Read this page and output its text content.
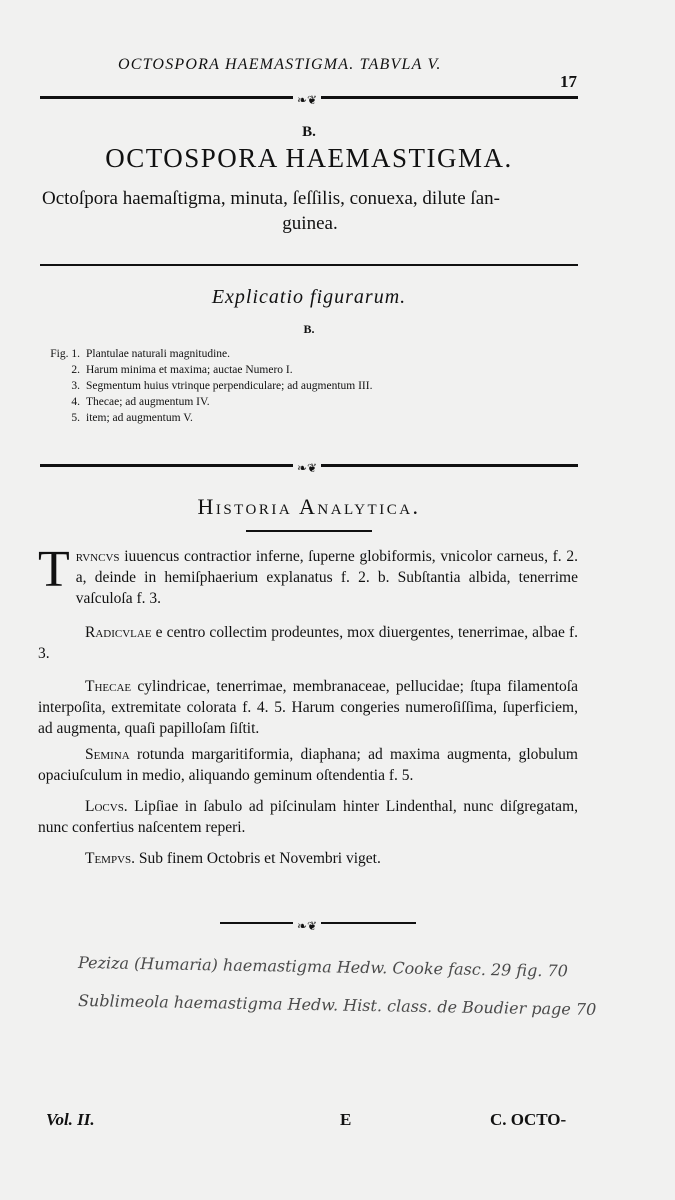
OCTOSPORA HAEMASTIGMA. TABVLA V.
17
❧❦
B.
OCTOSPORA HAEMASTIGMA.
Octoſpora haemaſtigma, minuta, ſeſſilis, conuexa, dilute ſan-
guinea.
Explicatio figurarum.
B.
Fig. 1. Plantulae naturali magnitudine.
2. Harum minima et maxima; auctae Numero I.
3. Segmentum huius vtrinque perpendiculare; ad augmentum III.
4. Thecae; ad augmentum IV.
5. item; ad augmentum V.
❧❦
Historia Analytica.

T rvncvs iuuencus contractior inferne, ſuperne globiformis, vnicolor carneus, f. 2. a, deinde in hemiſphaerium explanatus f. 2. b. Subſtantia albida, tenerrime vaſculoſa f. 3.

Radicvlae e centro collectim prodeuntes, mox diuergentes, tenerrimae, albae f. 3.

Thecae cylindricae, tenerrimae, membranaceae, pellucidae; ſtupa filamentoſa interpoſita, extremitate colorata f. 4. 5. Harum congeries numeroſiſſima, ſuperficiem, ad augmenta, quaſi papilloſam ſiſtit.

Semina rotunda margaritiformia, diaphana; ad maxima augmenta, globulum opaciuſculum in medio, aliquando geminum oſtendentia f. 5.

Locvs. Lipſiae in ſabulo ad piſcinulam hinter Lindenthal, nunc diſgregatam, nunc confertius naſcentem reperi.

Tempvs. Sub finem Octobris et Novembri viget.

❧❦
Pezizа (Humaria) haemastigma Hedw. Cooke fasc. 29 fig. 70
Sublimeola haemastigma Hedw. Hist. class. de Boudier page 70
Vol. II.	E	C. OCTO-
